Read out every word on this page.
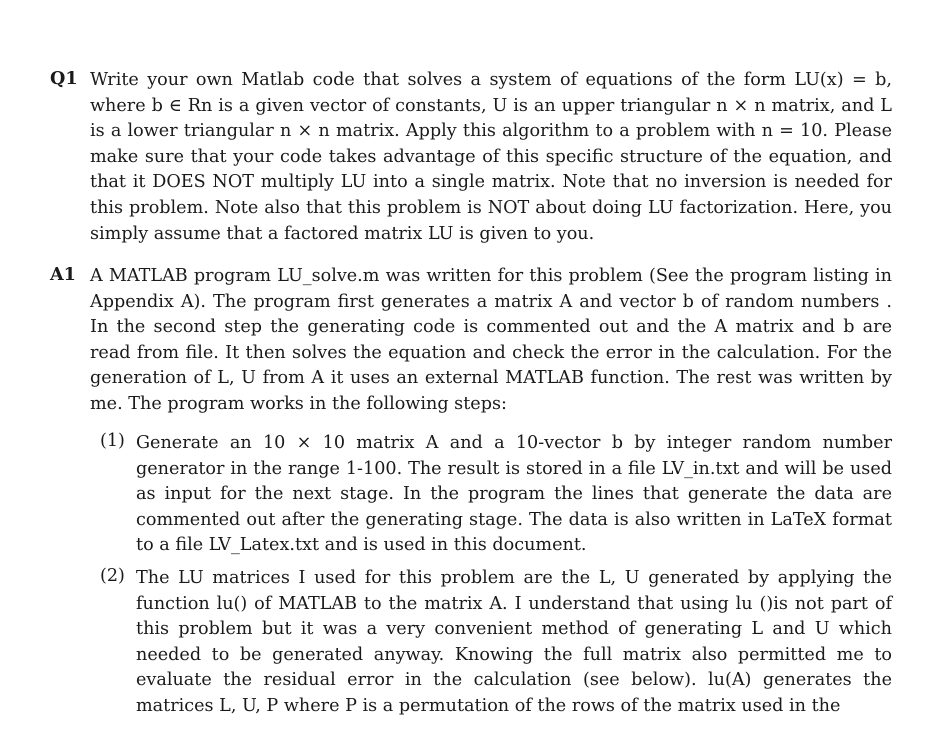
Q1 Write your own Matlab code that solves a system of equations of the form LU(x) = b, where b ∈ Rn is a given vector of constants, U is an upper triangular n × n matrix, and L is a lower triangular n × n matrix. Apply this algorithm to a problem with n = 10. Please make sure that your code takes advantage of this specific structure of the equation, and that it DOES NOT multiply LU into a single matrix. Note that no inversion is needed for this problem. Note also that this problem is NOT about doing LU factorization. Here, you simply assume that a factored matrix LU is given to you.
A1 A MATLAB program LU_solve.m was written for this problem (See the program listing in Appendix A). The program first generates a matrix A and vector b of random numbers . In the second step the generating code is commented out and the A matrix and b are read from file. It then solves the equation and check the error in the calculation. For the generation of L, U from A it uses an external MATLAB function. The rest was written by me. The program works in the following steps:
(1) Generate an 10 × 10 matrix A and a 10-vector b by integer random number generator in the range 1-100. The result is stored in a file LV_in.txt and will be used as input for the next stage. In the program the lines that generate the data are commented out after the generating stage. The data is also written in LaTeX format to a file LV_Latex.txt and is used in this document.
(2) The LU matrices I used for this problem are the L, U generated by applying the function lu() of MATLAB to the matrix A. I understand that using lu ()is not part of this problem but it was a very convenient method of generating L and U which needed to be generated anyway. Knowing the full matrix also permitted me to evaluate the residual error in the calculation (see below). lu(A) generates the matrices L, U, P where P is a permutation of the rows of the matrix used in the
